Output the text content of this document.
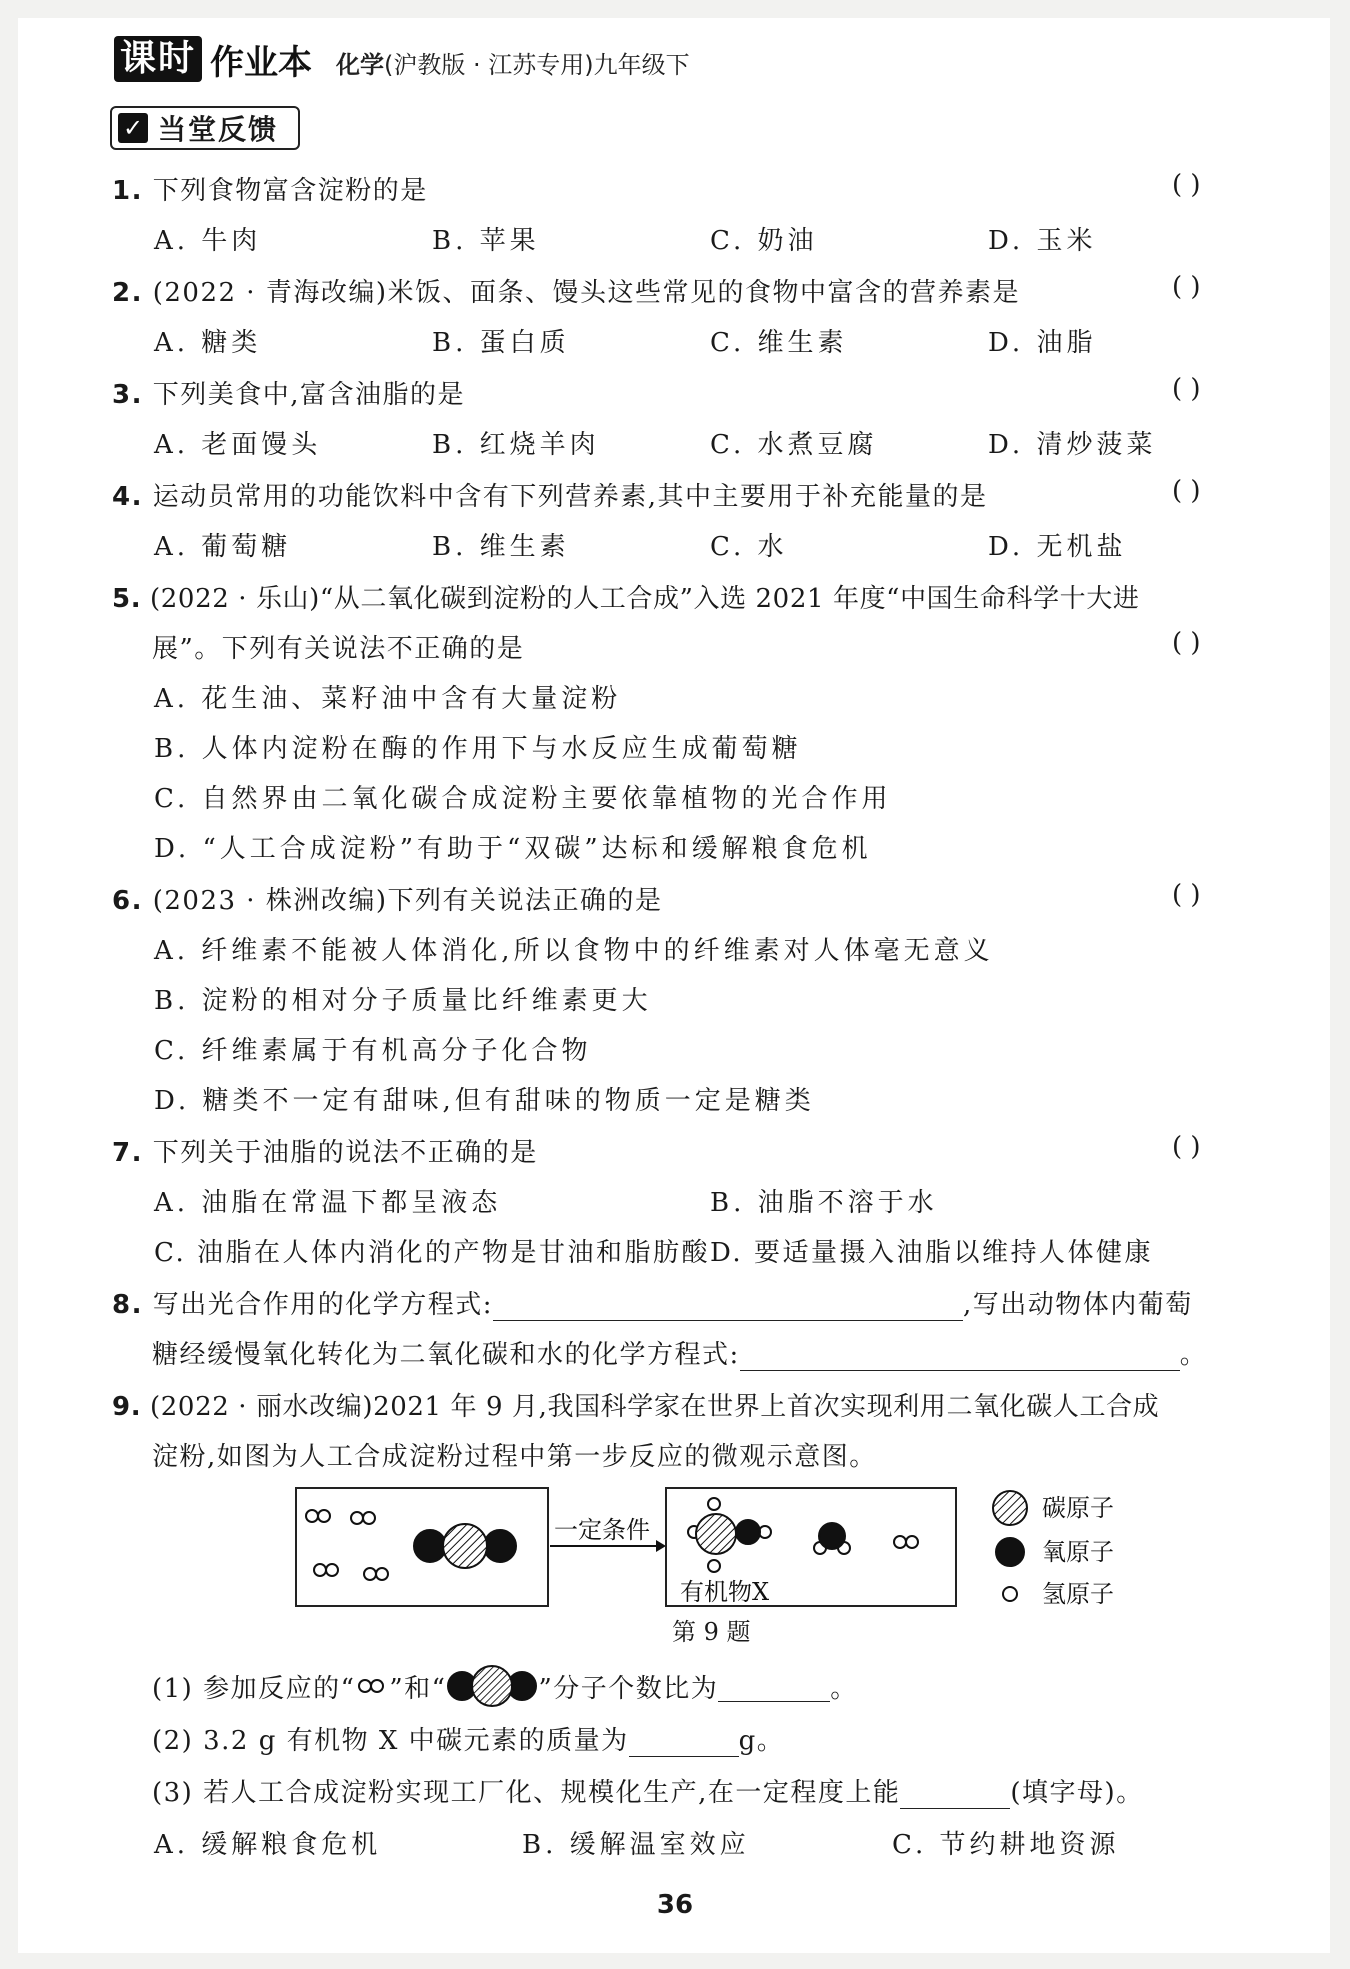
课时 作业本 化学(沪教版 · 江苏专用)九年级下
✓ 当堂反馈
1. 下列食物富含淀粉的是	( )
A. 牛肉	B. 苹果	C. 奶油	D. 玉米
2. (2022 · 青海改编)米饭、面条、馒头这些常见的食物中富含的营养素是	( )
A. 糖类	B. 蛋白质	C. 维生素	D. 油脂
3. 下列美食中,富含油脂的是	( )
A. 老面馒头	B. 红烧羊肉	C. 水煮豆腐	D. 清炒菠菜
4. 运动员常用的功能饮料中含有下列营养素,其中主要用于补充能量的是	( )
A. 葡萄糖	B. 维生素	C. 水	D. 无机盐
5. (2022 · 乐山)“从二氧化碳到淀粉的人工合成”入选 2021 年度“中国生命科学十大进
展”。下列有关说法不正确的是	( )
A. 花生油、菜籽油中含有大量淀粉
B. 人体内淀粉在酶的作用下与水反应生成葡萄糖
C. 自然界由二氧化碳合成淀粉主要依靠植物的光合作用
D. “人工合成淀粉”有助于“双碳”达标和缓解粮食危机
6. (2023 · 株洲改编)下列有关说法正确的是	( )
A. 纤维素不能被人体消化,所以食物中的纤维素对人体毫无意义
B. 淀粉的相对分子质量比纤维素更大
C. 纤维素属于有机高分子化合物
D. 糖类不一定有甜味,但有甜味的物质一定是糖类
7. 下列关于油脂的说法不正确的是	( )
A. 油脂在常温下都呈液态	B. 油脂不溶于水
C. 油脂在人体内消化的产物是甘油和脂肪酸 D. 要适量摄入油脂以维持人体健康
8. 写出光合作用的化学方程式:	,写出动物体内葡萄
糖经缓慢氧化转化为二氧化碳和水的化学方程式:	。
9. (2022 · 丽水改编)2021 年 9 月,我国科学家在世界上首次实现利用二氧化碳人工合成
淀粉,如图为人工合成淀粉过程中第一步反应的微观示意图。
一定条件
有机物X
碳原子
氧原子
氢原子
第 9 题
(1) 参加反应的“ ”和“	”分子个数比为	。
(2) 3.2 g 有机物 X 中碳元素的质量为	g。
(3) 若人工合成淀粉实现工厂化、规模化生产,在一定程度上能	(填字母)。
A. 缓解粮食危机	B. 缓解温室效应	C. 节约耕地资源
36
